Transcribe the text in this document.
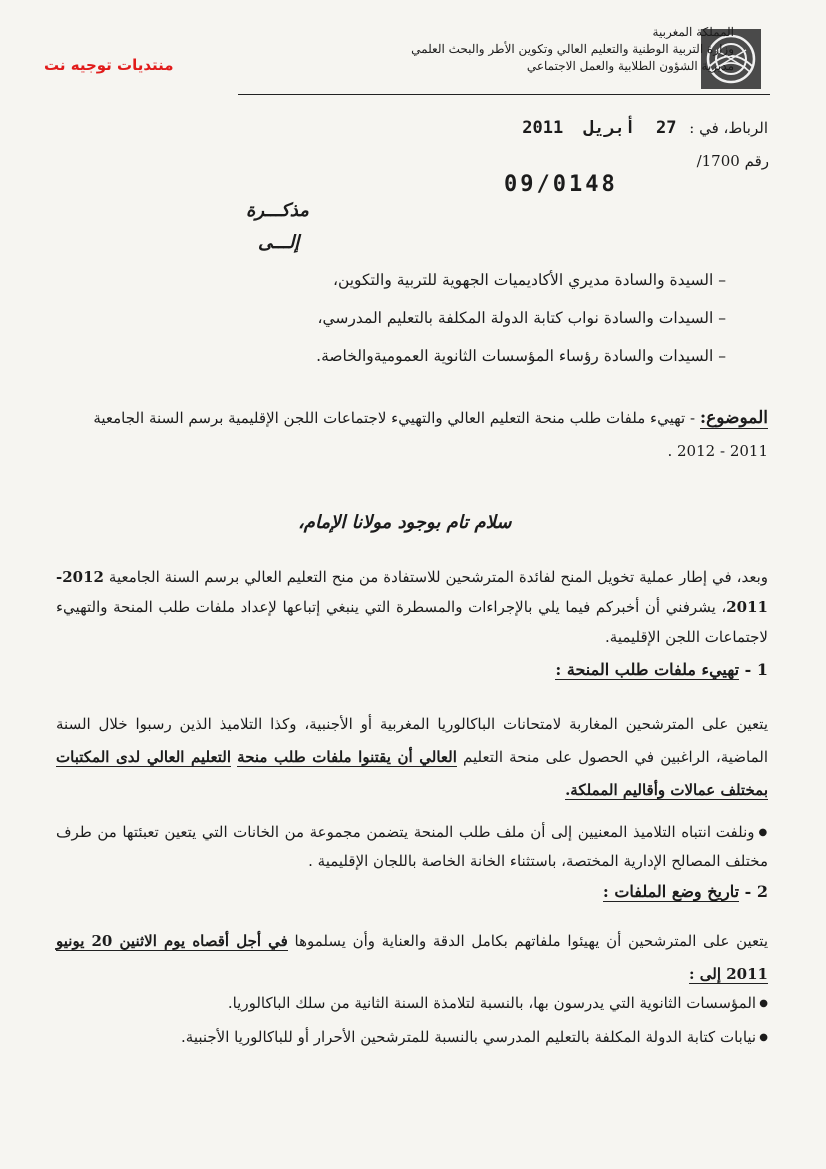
منتديات توجيه نت
المملكة المغربية
وزارة التربية الوطنية والتعليم العالي وتكوين الأطر والبحث العلمي
مديرية الشؤون الطلابية والعمل الاجتماعي
الرباط، في : 27 أبريل 2011
رقم 1700/
09/0148
مذكـــرة
إلـــى
– السيدة والسادة مديري الأكاديميات الجهوية للتربية والتكوين،
– السيدات والسادة نواب كتابة الدولة المكلفة بالتعليم المدرسي،
– السيدات والسادة رؤساء المؤسسات الثانوية العموميةوالخاصة.
الموضوع: - تهييء ملفات طلب منحة التعليم العالي والتهييء لاجتماعات اللجن الإقليمية برسم السنة الجامعية 2011 - 2012 .
سلام تام بوجود مولانا الإمام،
وبعد، في إطار عملية تخويل المنح لفائدة المترشحين للاستفادة من منح التعليم العالي برسم السنة الجامعية 2012-2011، يشرفني أن أخبركم فيما يلي بالإجراءات والمسطرة التي ينبغي إتباعها لإعداد ملفات طلب المنحة والتهييء لاجتماعات اللجن الإقليمية.
1 - تهييء ملفات طلب المنحة :
يتعين على المترشحين المغاربة لامتحانات الباكالوريا المغربية أو الأجنبية، وكذا التلاميذ الذين رسبوا خلال السنة الماضية، الراغبين في الحصول على منحة التعليم العالي أن يقتنوا ملفات طلب منحة التعليم العالي لدى المكتبات بمختلف عمالات وأقاليم المملكة.
● ونلفت انتباه التلاميذ المعنيين إلى أن ملف طلب المنحة يتضمن مجموعة من الخانات التي يتعين تعبئتها من طرف مختلف المصالح الإدارية المختصة، باستثناء الخانة الخاصة باللجان الإقليمية .
2 - تاريخ وضع الملفات :
يتعين على المترشحين أن يهيئوا ملفاتهم بكامل الدقة والعناية وأن يسلموها في أجل أقصاه يوم الاثنين 20 يونيو 2011 إلى :
● المؤسسات الثانوية التي يدرسون بها، بالنسبة لتلامذة السنة الثانية من سلك الباكالوريا.
● نيابات كتابة الدولة المكلفة بالتعليم المدرسي بالنسبة للمترشحين الأحرار أو للباكالوريا الأجنبية.
